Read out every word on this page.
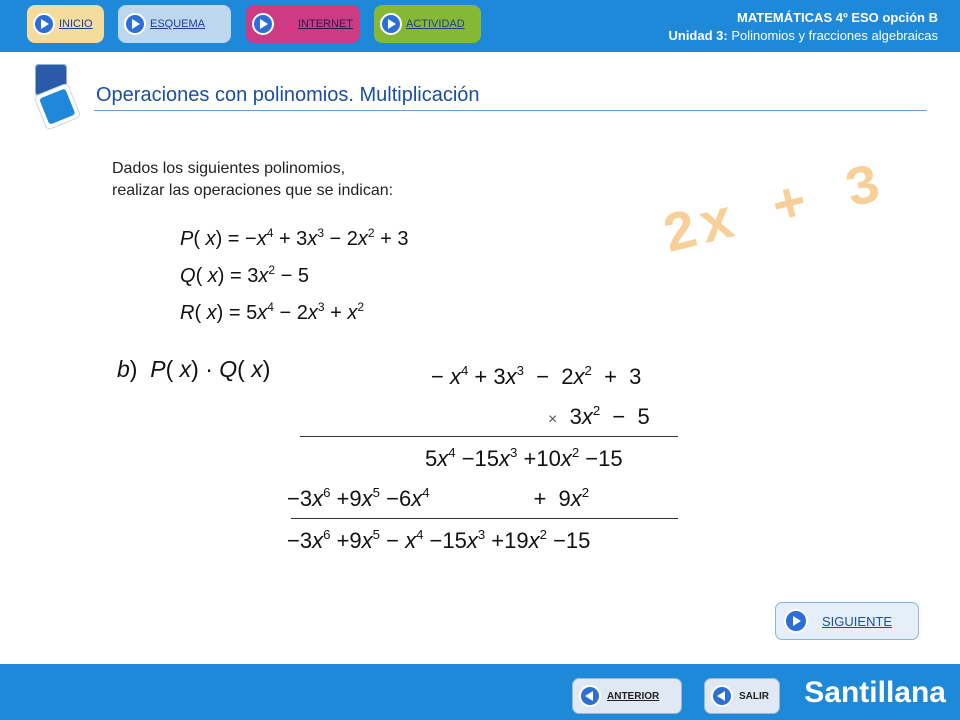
INICIO	ESQUEMA	INTERNET	ACTIVIDAD	MATEMÁTICAS 4º ESO opción B
Unidad 3: Polinomios y fracciones algebraicas
Operaciones con polinomios. Multiplicación
Dados los siguientes polinomios,
realizar las operaciones que se indican:
P( $x) = -x^4 + 3x^3 - 2x^2 + 3$
Q( $x) = 3x^2 - 5$
R( $x) = 5x^4 - 2x^3 + x^2$
b)  P( x) · Q( x)	− $x^4 + 3x^3 - 2x^2 + 3$
×  $3x^2 - 5$
$5x^4 -15x^3 +10x^2 -15$
$-3x^6 +9x^5 -6x^4$                 +  $9x^2$
$-3x^6 +9x^5 - x^4 -15x^3 +19x^2 -15$
2x + 3
SIGUIENTE
ANTERIOR	SALIR Santillana
